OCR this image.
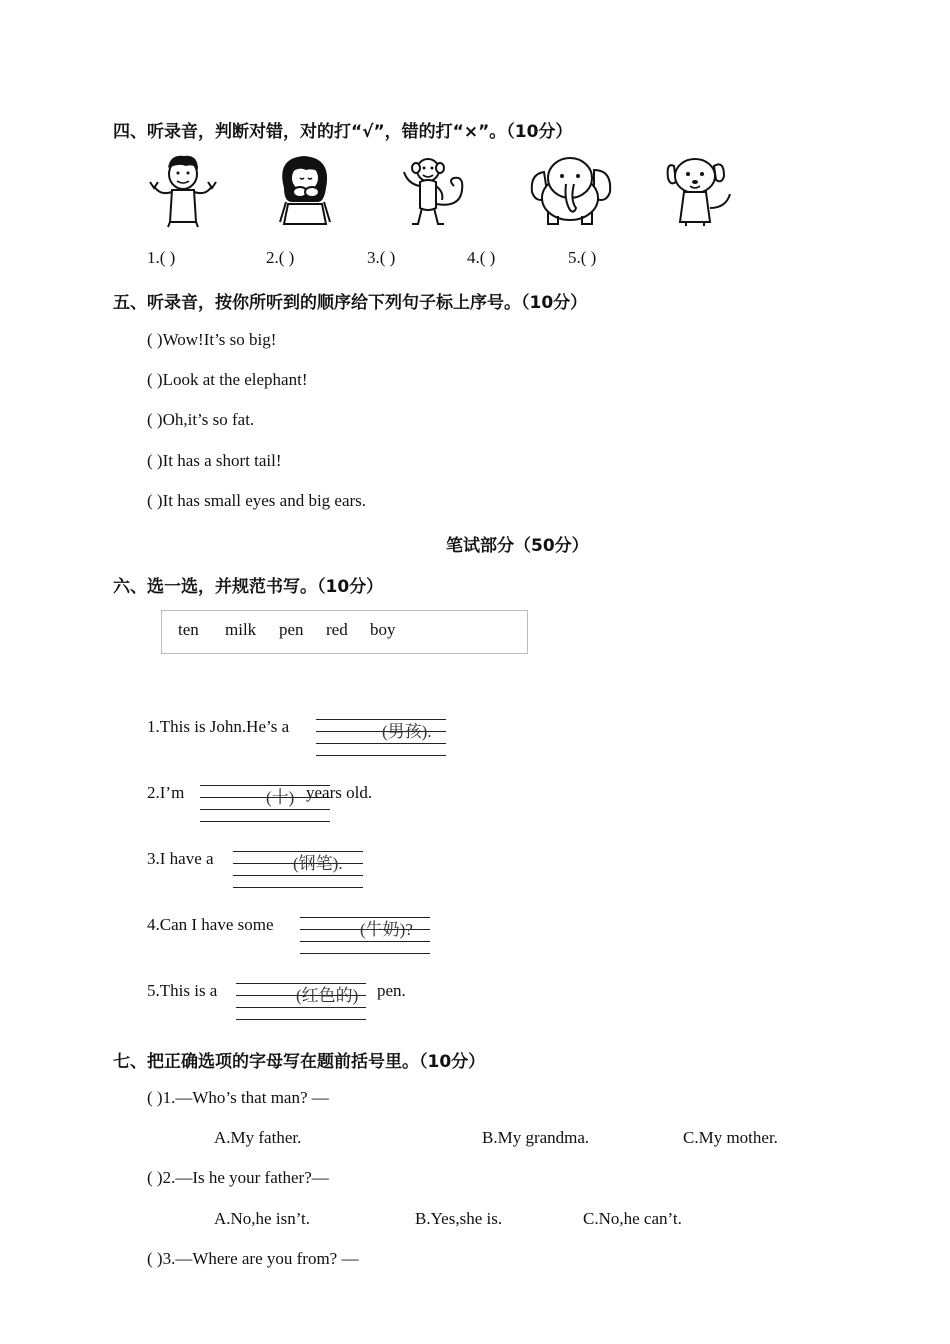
四、听录音，判断对错，对的打“√”，错的打“×”。（10分）
1.( )	2.( )	3.( )	4.( )	5.( )
五、听录音，按你所听到的顺序给下列句子标上序号。（10分）
( )Wow!It’s so big!
( )Look at the elephant!
( )Oh,it’s so fat.
( )It has a short tail!
( )It has small eyes and big ears.
笔试部分（50分）
六、选一选，并规范书写。（10分）
ten milk pen red boy
1.This is John.He’s a	(男孩).
2.I’m	(十) years old.
3.I have a	(钢笔).
4.Can I have some	(牛奶)?
5.This is a	(红色的) pen.
七、把正确选项的字母写在题前括号里。（10分）
( )1.—Who’s that man? —
A.My father.	B.My grandma.	C.My mother.
( )2.—Is he your father?—
A.No,he isn’t.	B.Yes,she is.	C.No,he can’t.
( )3.—Where are you from? —
